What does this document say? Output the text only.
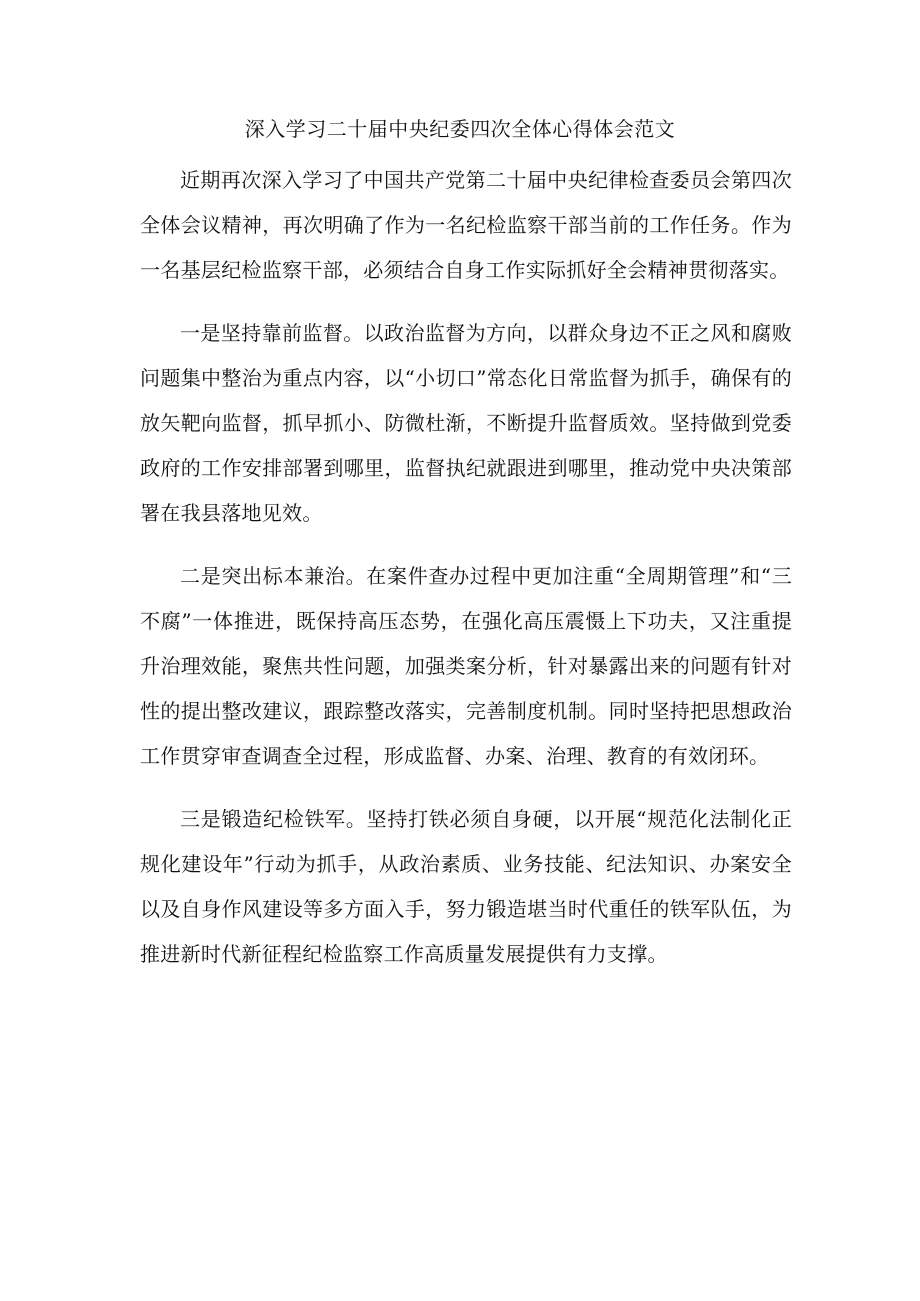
深入学习二十届中央纪委四次全体心得体会范文

近期再次深入学习了中国共产党第二十届中央纪律检查委员会第四次全体会议精神，再次明确了作为一名纪检监察干部当前的工作任务。作为一名基层纪检监察干部，必须结合自身工作实际抓好全会精神贯彻落实。

一是坚持靠前监督。以政治监督为方向，以群众身边不正之风和腐败问题集中整治为重点内容，以“小切口”常态化日常监督为抓手，确保有的放矢靶向监督，抓早抓小、防微杜渐，不断提升监督质效。坚持做到党委政府的工作安排部署到哪里，监督执纪就跟进到哪里，推动党中央决策部署在我县落地见效。

二是突出标本兼治。在案件查办过程中更加注重“全周期管理”和“三不腐”一体推进，既保持高压态势，在强化高压震慑上下功夫，又注重提升治理效能，聚焦共性问题，加强类案分析，针对暴露出来的问题有针对性的提出整改建议，跟踪整改落实，完善制度机制。同时坚持把思想政治工作贯穿审查调查全过程，形成监督、办案、治理、教育的有效闭环。

三是锻造纪检铁军。坚持打铁必须自身硬，以开展“规范化法制化正规化建设年”行动为抓手，从政治素质、业务技能、纪法知识、办案安全以及自身作风建设等多方面入手，努力锻造堪当时代重任的铁军队伍，为推进新时代新征程纪检监察工作高质量发展提供有力支撑。
